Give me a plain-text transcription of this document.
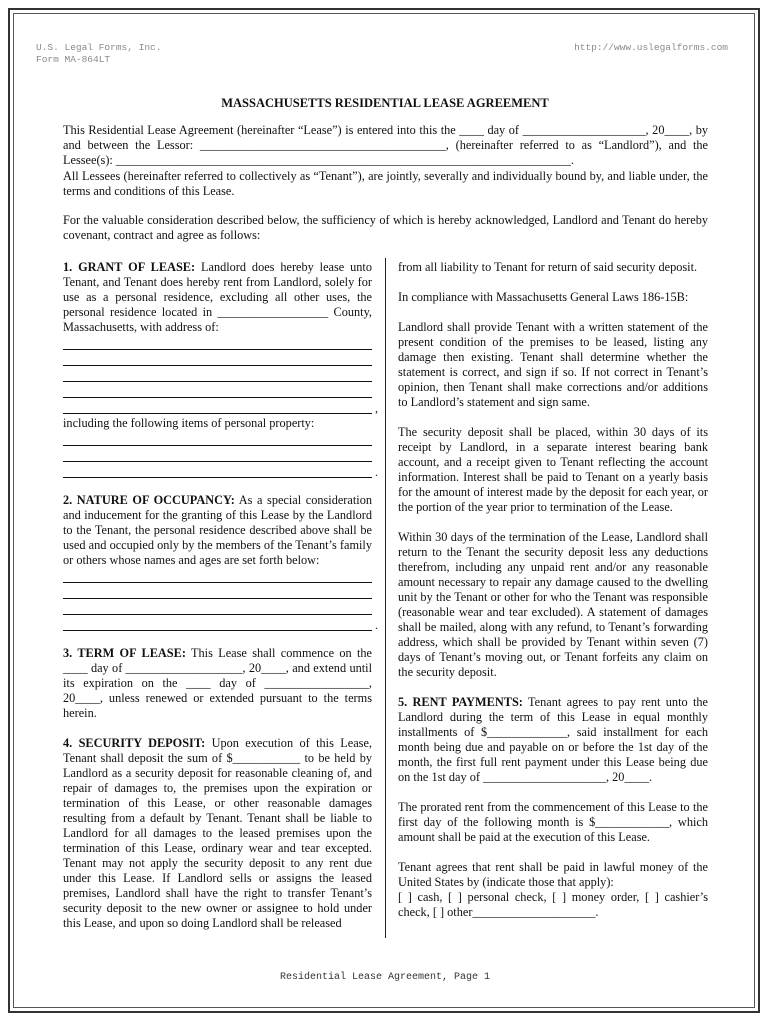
U.S. Legal Forms, Inc.
Form MA-864LT
http://www.uslegalforms.com
MASSACHUSETTS RESIDENTIAL LEASE AGREEMENT

This Residential Lease Agreement (hereinafter “Lease”) is entered into this the ____ day of ____________________, 20____, by and between the Lessor: ________________________________________, (hereinafter referred to as “Landlord”), and the Lessee(s): __________________________________________________________________________.

All Lessees (hereinafter referred to collectively as “Tenant”), are jointly, severally and individually bound by, and liable under, the terms and conditions of this Lease.

For the valuable consideration described below, the sufficiency of which is hereby acknowledged, Landlord and Tenant do hereby covenant, contract and agree as follows:

1. GRANT OF LEASE: Landlord does hereby lease unto Tenant, and Tenant does hereby rent from Landlord, solely for use as a personal residence, excluding all other uses, the personal residence located in __________________ County, Massachusetts, with address of:

,

including the following items of personal property:

.

2. NATURE OF OCCUPANCY: As a special consideration and inducement for the granting of this Lease by the Landlord to the Tenant, the personal residence described above shall be used and occupied only by the members of the Tenant’s family or others whose names and ages are set forth below:

.

3. TERM OF LEASE: This Lease shall commence on the ____ day of ___________________, 20____, and extend until its expiration on the ____ day of _________________, 20____, unless renewed or extended pursuant to the terms herein.

4. SECURITY DEPOSIT: Upon execution of this Lease, Tenant shall deposit the sum of $___________ to be held by Landlord as a security deposit for reasonable cleaning of, and repair of damages to, the premises upon the expiration or termination of this Lease, or other reasonable damages resulting from a default by Tenant. Tenant shall be liable to Landlord for all damages to the leased premises upon the termination of this Lease, ordinary wear and tear excepted. Tenant may not apply the security deposit to any rent due under this Lease. If Landlord sells or assigns the leased premises, Landlord shall have the right to transfer Tenant’s security deposit to the new owner or assignee to hold under this Lease, and upon so doing Landlord shall be released

from all liability to Tenant for return of said security deposit.

In compliance with Massachusetts General Laws 186-15B:

Landlord shall provide Tenant with a written statement of the present condition of the premises to be leased, listing any damage then existing. Tenant shall determine whether the statement is correct, and sign if so. If not correct in Tenant’s opinion, then Tenant shall make corrections and/or additions to Landlord’s statement and sign same.

The security deposit shall be placed, within 30 days of its receipt by Landlord, in a separate interest bearing bank account, and a receipt given to Tenant reflecting the account information. Interest shall be paid to Tenant on a yearly basis for the amount of interest made by the deposit for each year, or the portion of the year prior to termination of the Lease.

Within 30 days of the termination of the Lease, Landlord shall return to the Tenant the security deposit less any deductions therefrom, including any unpaid rent and/or any reasonable amount necessary to repair any damage caused to the dwelling unit by the Tenant or other for who the Tenant was responsible (reasonable wear and tear excluded). A statement of damages shall be mailed, along with any refund, to Tenant’s forwarding address, which shall be provided by Tenant within seven (7) days of Tenant’s moving out, or Tenant forfeits any claim on the security deposit.

5. RENT PAYMENTS: Tenant agrees to pay rent unto the Landlord during the term of this Lease in equal monthly installments of $_____________, said installment for each month being due and payable on or before the 1st day of the month, the first full rent payment under this Lease being due on the 1st day of ____________________, 20____.

The prorated rent from the commencement of this Lease to the first day of the following month is $____________, which amount shall be paid at the execution of this Lease.

Tenant agrees that rent shall be paid in lawful money of the United States by (indicate those that apply):

[ ] cash, [ ] personal check, [ ] money order, [ ] cashier’s check, [ ] other____________________.

Residential Lease Agreement, Page 1
